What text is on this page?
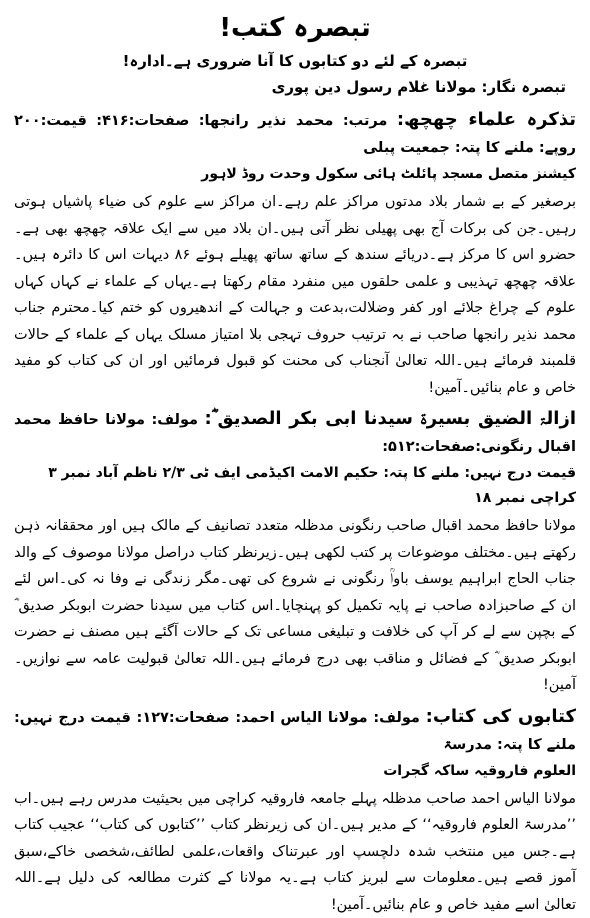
تبصرہ کتب!

تبصرہ کے لئے دو کتابوں کا آنا ضروری ہے۔ادارہ!

تبصرہ نگار: مولانا غلام رسول دین پوری

تذکرہ علماء چھچھ: مرتب: محمد نذیر رانجھا: صفحات:۴۱۶: قیمت:۲۰۰ روپے: ملنے کا پتہ: جمعیت پبلی

کیشنز متصل مسجد پائلٹ ہائی سکول وحدت روڈ لاہور

برصغیر کے بے شمار بلاد مدتوں مراکز علم رہے۔ان مراکز سے علوم کی ضیاء پاشیاں ہوتی رہیں۔جن کی برکات آج بھی پھیلی نظر آتی ہیں۔ان بلاد میں سے ایک علاقہ چھچھ بھی ہے۔حضرو اس کا مرکز ہے۔دریائے سندھ کے ساتھ ساتھ پھیلے ہوئے ۸۶ دیہات اس کا دائرہ ہیں۔علاقہ چھچھ تہذیبی و علمی حلقوں میں منفرد مقام رکھتا ہے۔یہاں کے علماء نے کہاں کہاں علوم کے چراغ جلائے اور کفر وضلالت،بدعت و جہالت کے اندھیروں کو ختم کیا۔محترم جناب محمد نذیر رانجھا صاحب نے بہ ترتیب حروف تہجی بلا امتیاز مسلک یہاں کے علماء کے حالات قلمبند فرمائے ہیں۔اللہ تعالیٰ آنجناب کی محنت کو قبول فرمائیں اور ان کی کتاب کو مفید خاص و عام بنائیں۔آمین!

ازالۃ الضیق بسیرۃ سیدنا ابی بکر الصدیق ؓ: مولف: مولانا حافظ محمد اقبال رنگونی:صفحات:۵۱۲:

قیمت درج نہیں: ملنے کا پتہ: حکیم الامت اکیڈمی ایف ٹی ۲/۳ ناظم آباد نمبر ۳ کراچی نمبر ۱۸

مولانا حافظ محمد اقبال صاحب رنگونی مدظلہ متعدد تصانیف کے مالک ہیں اور محققانہ ذہن رکھتے ہیں۔مختلف موضوعات پر کتب لکھی ہیں۔زیرنظر کتاب دراصل مولانا موصوف کے والد جناب الحاج ابراہیم یوسف باواؒ رنگونی نے شروع کی تھی۔مگر زندگی نے وفا نہ کی۔اس لئے ان کے صاحبزادہ صاحب نے پایہ تکمیل کو پہنچایا۔اس کتاب میں سیدنا حضرت ابوبکر صدیق ؓ کے بچپن سے لے کر آپ کی خلافت و تبلیغی مساعی تک کے حالات آگئے ہیں مصنف نے حضرت ابوبکر صدیق ؓ کے فضائل و مناقب بھی درج فرمائے ہیں۔اللہ تعالیٰ قبولیت عامہ سے نوازیں۔آمین!

کتابوں کی کتاب: مولف: مولانا الیاس احمد: صفحات:۱۲۷: قیمت درج نہیں: ملنے کا پتہ: مدرسۃ

العلوم فاروقیہ ساکہ گجرات

مولانا الیاس احمد صاحب مدظلہ پہلے جامعہ فاروقیہ کراچی میں بحیثیت مدرس رہے ہیں۔اب ’’مدرسۃ العلوم فاروقیہ‘‘ کے مدیر ہیں۔ان کی زیرنظر کتاب ’’کتابوں کی کتاب‘‘ عجیب کتاب ہے۔جس میں منتخب شدہ دلچسپ اور عبرتناک واقعات،علمی لطائف،شخصی خاکے،سبق آموز قصے ہیں۔معلومات سے لبریز کتاب ہے۔یہ مولانا کے کثرت مطالعہ کی دلیل ہے۔اللہ تعالیٰ اسے مفید خاص و عام بنائیں۔آمین!
